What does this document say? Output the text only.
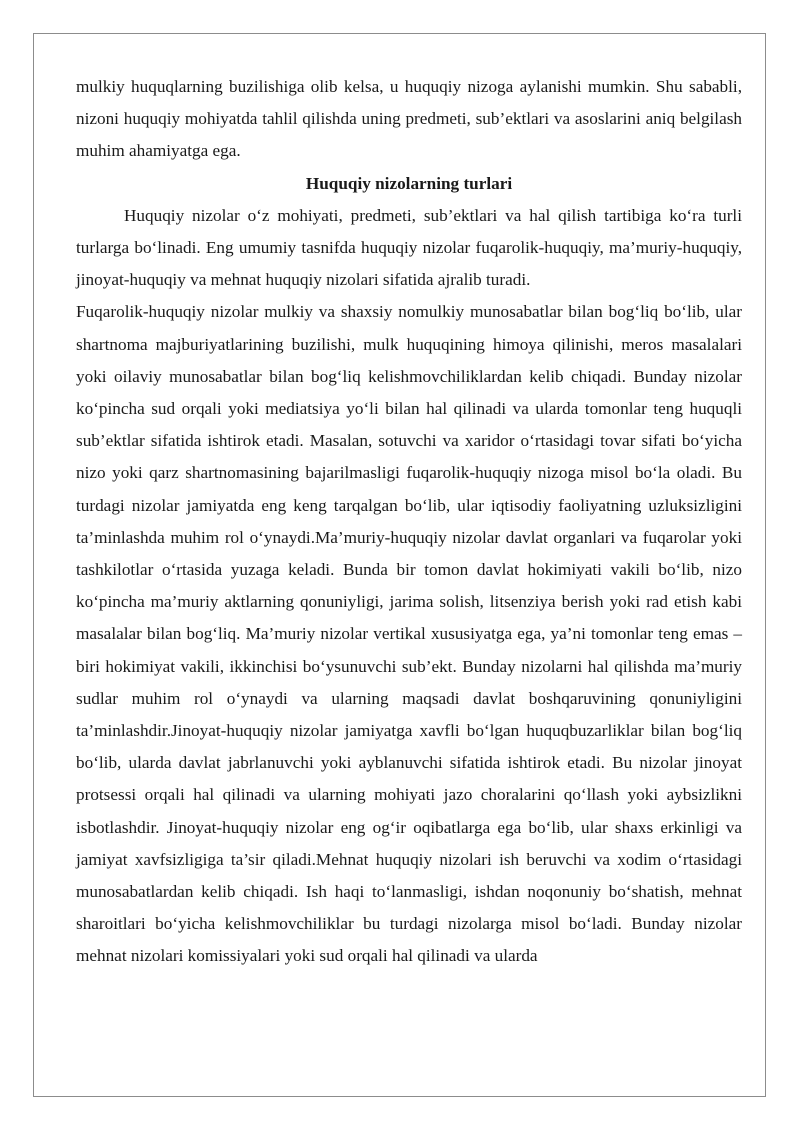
mulkiy huquqlarning buzilishiga olib kelsa, u huquqiy nizoga aylanishi mumkin. Shu sababli, nizoni huquqiy mohiyatda tahlil qilishda uning predmeti, sub’ektlari va asoslarini aniq belgilash muhim ahamiyatga ega.

Huquqiy nizolarning turlari

Huquqiy nizolar o‘z mohiyati, predmeti, sub’ektlari va hal qilish tartibiga ko‘ra turli turlarga bo‘linadi. Eng umumiy tasnifda huquqiy nizolar fuqarolik-huquqiy, ma’muriy-huquqiy, jinoyat-huquqiy va mehnat huquqiy nizolari sifatida ajralib turadi.

Fuqarolik-huquqiy nizolar mulkiy va shaxsiy nomulkiy munosabatlar bilan bog‘liq bo‘lib, ular shartnoma majburiyatlarining buzilishi, mulk huquqining himoya qilinishi, meros masalalari yoki oilaviy munosabatlar bilan bog‘liq kelishmovchiliklardan kelib chiqadi. Bunday nizolar ko‘pincha sud orqali yoki mediatsiya yo‘li bilan hal qilinadi va ularda tomonlar teng huquqli sub’ektlar sifatida ishtirok etadi. Masalan, sotuvchi va xaridor o‘rtasidagi tovar sifati bo‘yicha nizo yoki qarz shartnomasining bajarilmasligi fuqarolik-huquqiy nizoga misol bo‘la oladi. Bu turdagi nizolar jamiyatda eng keng tarqalgan bo‘lib, ular iqtisodiy faoliyatning uzluksizligini ta’minlashda muhim rol o‘ynaydi.Ma’muriy-huquqiy nizolar davlat organlari va fuqarolar yoki tashkilotlar o‘rtasida yuzaga keladi. Bunda bir tomon davlat hokimiyati vakili bo‘lib, nizo ko‘pincha ma’muriy aktlarning qonuniyligi, jarima solish, litsenziya berish yoki rad etish kabi masalalar bilan bog‘liq. Ma’muriy nizolar vertikal xususiyatga ega, ya’ni tomonlar teng emas – biri hokimiyat vakili, ikkinchisi bo‘ysunuvchi sub’ekt. Bunday nizolarni hal qilishda ma’muriy sudlar muhim rol o‘ynaydi va ularning maqsadi davlat boshqaruvining qonuniyligini ta’minlashdir.Jinoyat-huquqiy nizolar jamiyatga xavfli bo‘lgan huquqbuzarliklar bilan bog‘liq bo‘lib, ularda davlat jabrlanuvchi yoki ayblanuvchi sifatida ishtirok etadi. Bu nizolar jinoyat protsessi orqali hal qilinadi va ularning mohiyati jazo choralarini qo‘llash yoki aybsizlikni isbotlashdir. Jinoyat-huquqiy nizolar eng og‘ir oqibatlarga ega bo‘lib, ular shaxs erkinligi va jamiyat xavfsizligiga ta’sir qiladi.Mehnat huquqiy nizolari ish beruvchi va xodim o‘rtasidagi munosabatlardan kelib chiqadi. Ish haqi to‘lanmasligi, ishdan noqonuniy bo‘shatish, mehnat sharoitlari bo‘yicha kelishmovchiliklar bu turdagi nizolarga misol bo‘ladi. Bunday nizolar mehnat nizolari komissiyalari yoki sud orqali hal qilinadi va ularda
